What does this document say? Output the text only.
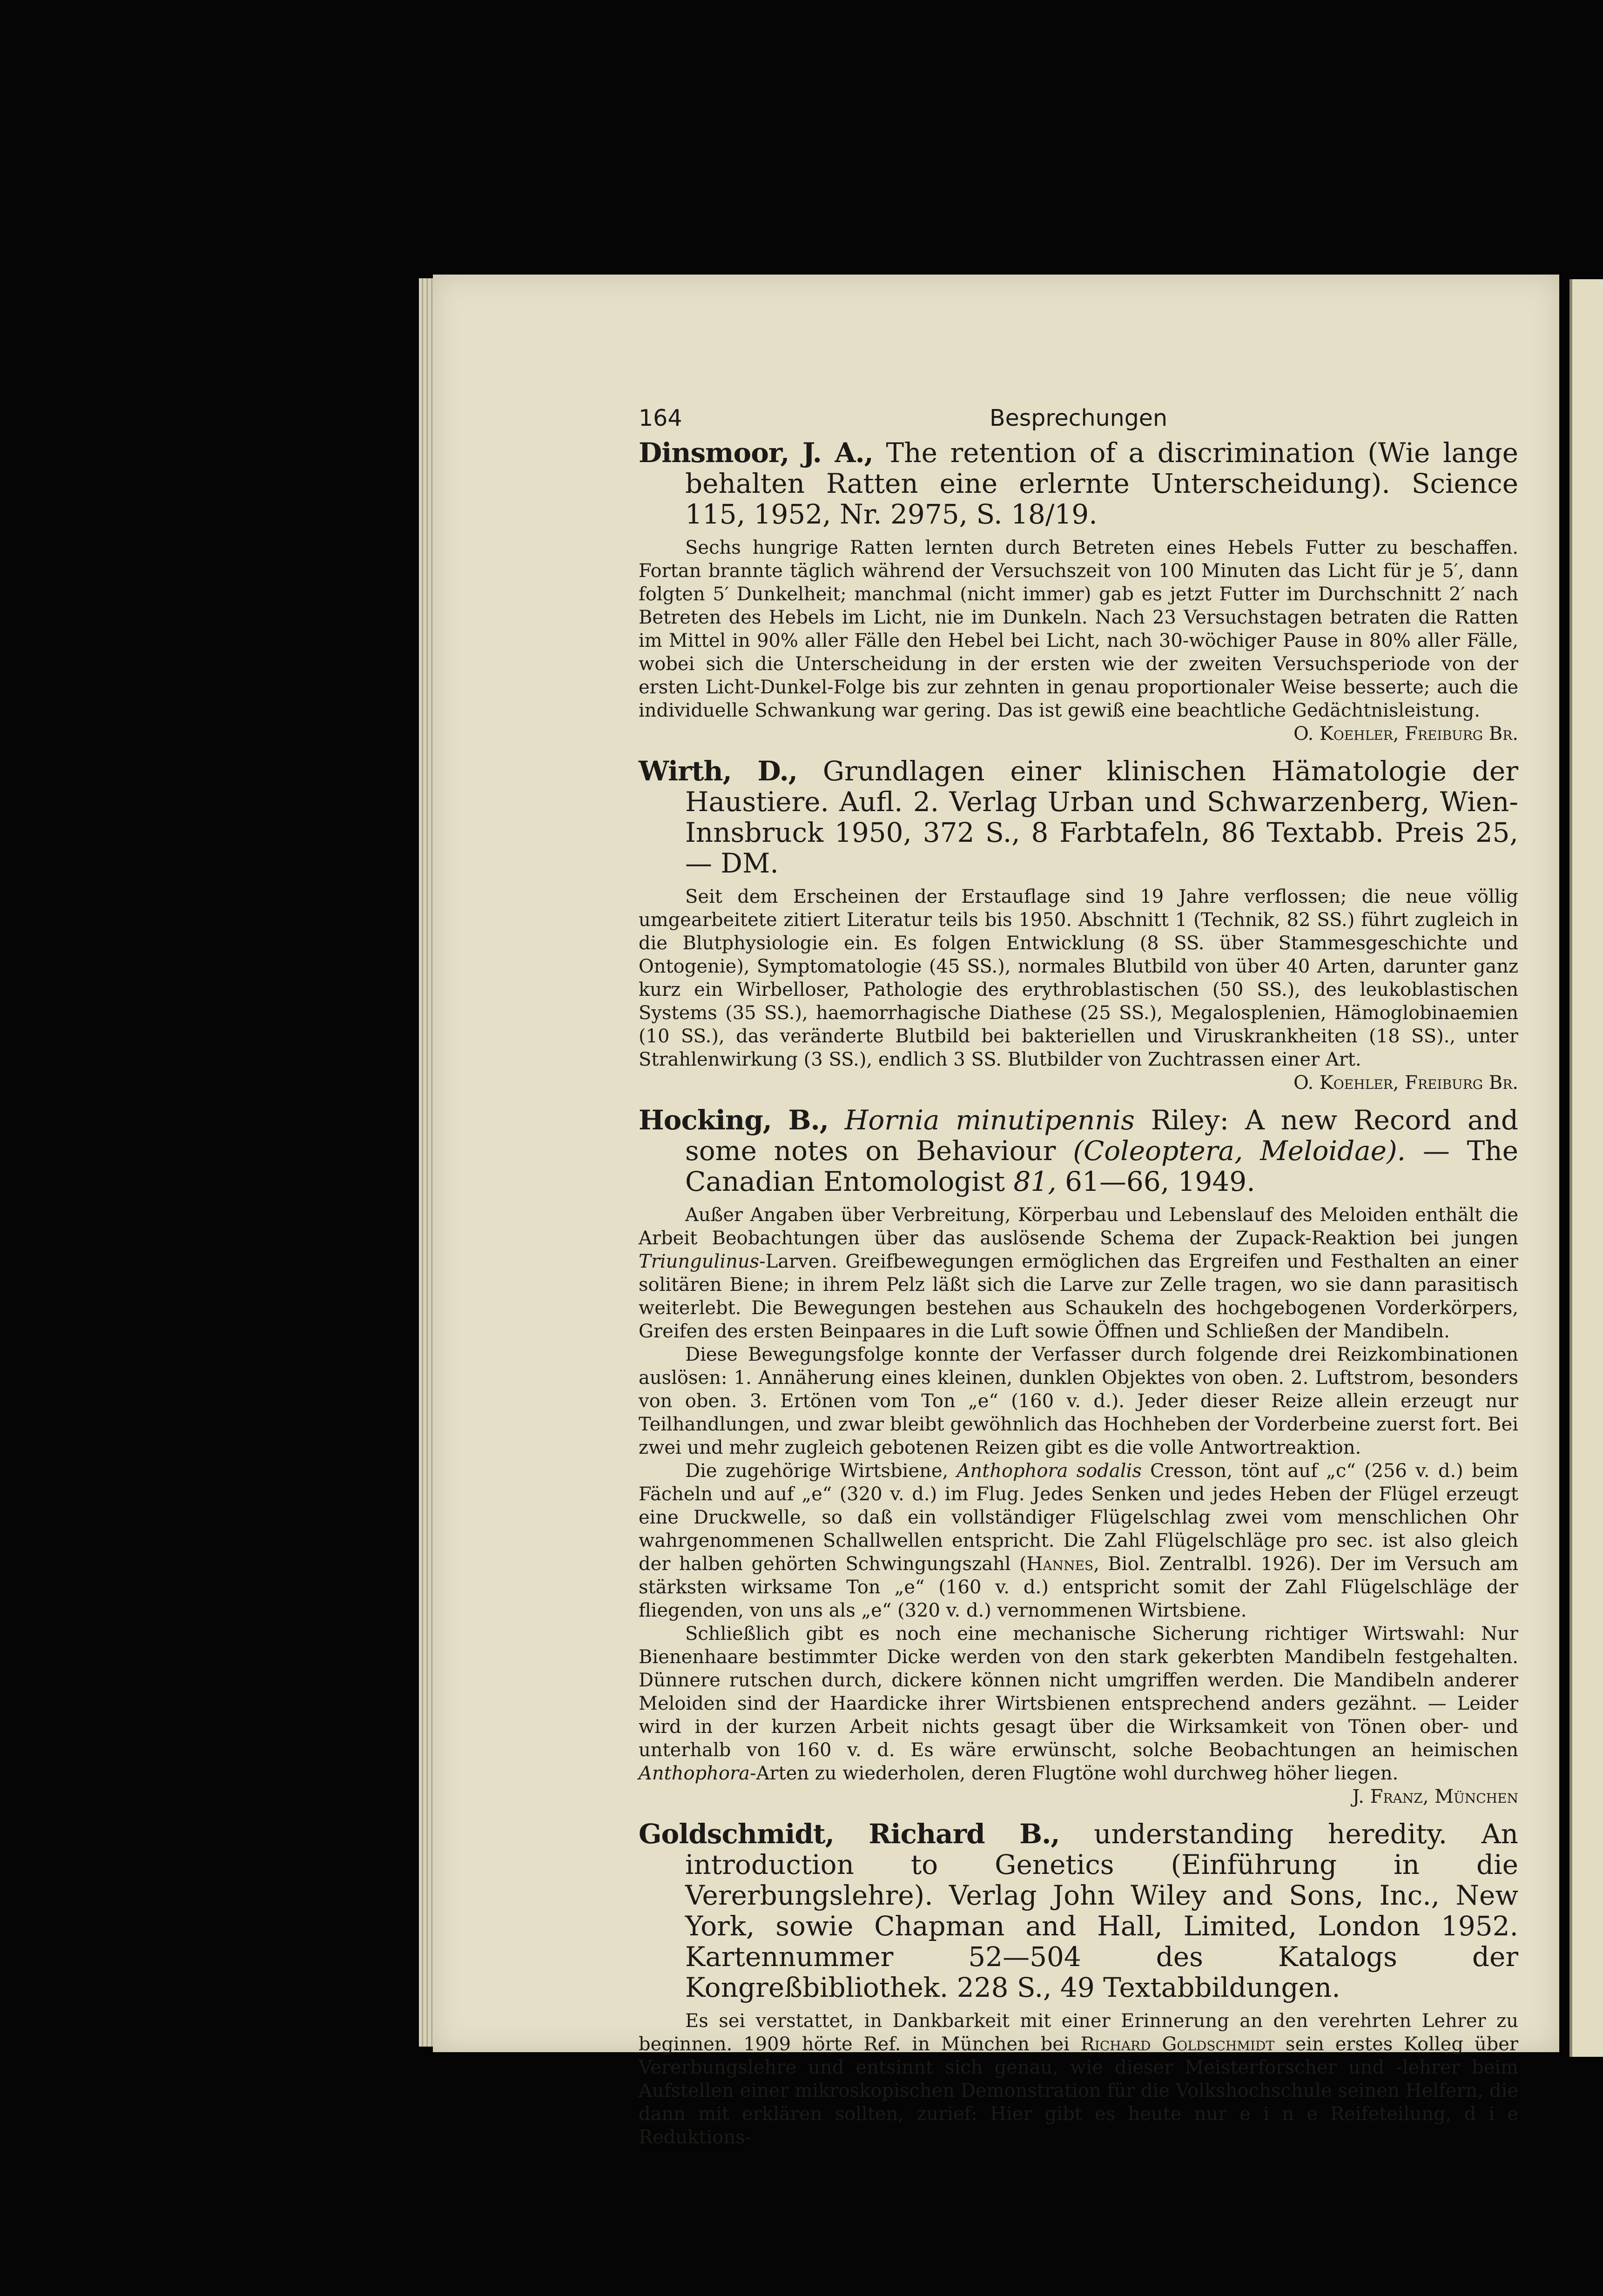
164	Besprechungen
Dinsmoor, J. A., The retention of a discrimination (Wie lange behalten Ratten eine erlernte Unterscheidung). Science 115, 1952, Nr. 2975, S. 18/19.

Sechs hungrige Ratten lernten durch Betreten eines Hebels Futter zu beschaffen. Fortan brannte täglich während der Versuchszeit von 100 Minuten das Licht für je 5′, dann folgten 5′ Dunkelheit; manchmal (nicht immer) gab es jetzt Futter im Durchschnitt 2′ nach Betreten des Hebels im Licht, nie im Dunkeln. Nach 23 Versuchstagen betraten die Ratten im Mittel in 90% aller Fälle den Hebel bei Licht, nach 30-wöchiger Pause in 80% aller Fälle, wobei sich die Unterscheidung in der ersten wie der zweiten Versuchsperiode von der ersten Licht-Dunkel-Folge bis zur zehnten in genau proportionaler Weise besserte; auch die individuelle Schwankung war gering. Das ist gewiß eine beachtliche Gedächtnisleistung.

O. Koehler, Freiburg Br.
Wirth, D., Grundlagen einer klinischen Hämatologie der Haustiere. Aufl. 2. Verlag Urban und Schwarzenberg, Wien-Innsbruck 1950, 372 S., 8 Farbtafeln, 86 Textabb. Preis 25,— DM.

Seit dem Erscheinen der Erstauflage sind 19 Jahre verflossen; die neue völlig umgearbeitete zitiert Literatur teils bis 1950. Abschnitt 1 (Technik, 82 SS.) führt zugleich in die Blutphysiologie ein. Es folgen Entwicklung (8 SS. über Stammesgeschichte und Ontogenie), Symptomatologie (45 SS.), normales Blutbild von über 40 Arten, darunter ganz kurz ein Wirbelloser, Pathologie des erythroblastischen (50 SS.), des leukoblastischen Systems (35 SS.), haemorrhagische Diathese (25 SS.), Megalosplenien, Hämoglobinaemien (10 SS.), das veränderte Blutbild bei bakteriellen und Viruskrankheiten (18 SS)., unter Strahlenwirkung (3 SS.), endlich 3 SS. Blutbilder von Zuchtrassen einer Art.

O. Koehler, Freiburg Br.
Hocking, B., Hornia minutipennis Riley: A new Record and some notes on Behaviour (Coleoptera, Meloidae). — The Canadian Entomologist 81, 61—66, 1949.

Außer Angaben über Verbreitung, Körperbau und Lebenslauf des Meloiden enthält die Arbeit Beobachtungen über das auslösende Schema der Zupack-Reaktion bei jungen Triungulinus-Larven. Greifbewegungen ermöglichen das Ergreifen und Festhalten an einer solitären Biene; in ihrem Pelz läßt sich die Larve zur Zelle tragen, wo sie dann parasitisch weiterlebt. Die Bewegungen bestehen aus Schaukeln des hochgebogenen Vorderkörpers, Greifen des ersten Beinpaares in die Luft sowie Öffnen und Schließen der Mandibeln.

Diese Bewegungsfolge konnte der Verfasser durch folgende drei Reizkombinationen auslösen: 1. Annäherung eines kleinen, dunklen Objektes von oben. 2. Luftstrom, besonders von oben. 3. Ertönen vom Ton „e“ (160 v. d.). Jeder dieser Reize allein erzeugt nur Teilhandlungen, und zwar bleibt gewöhnlich das Hochheben der Vorderbeine zuerst fort. Bei zwei und mehr zugleich gebotenen Reizen gibt es die volle Antwortreaktion.

Die zugehörige Wirtsbiene, Anthophora sodalis Cresson, tönt auf „c“ (256 v. d.) beim Fächeln und auf „e“ (320 v. d.) im Flug. Jedes Senken und jedes Heben der Flügel erzeugt eine Druckwelle, so daß ein vollständiger Flügelschlag zwei vom menschlichen Ohr wahrgenommenen Schallwellen entspricht. Die Zahl Flügelschläge pro sec. ist also gleich der halben gehörten Schwingungszahl (Hannes, Biol. Zentralbl. 1926). Der im Versuch am stärksten wirksame Ton „e“ (160 v. d.) entspricht somit der Zahl Flügelschläge der fliegenden, von uns als „e“ (320 v. d.) vernommenen Wirtsbiene.

Schließlich gibt es noch eine mechanische Sicherung richtiger Wirtswahl: Nur Bienenhaare bestimmter Dicke werden von den stark gekerbten Mandibeln festgehalten. Dünnere rutschen durch, dickere können nicht umgriffen werden. Die Mandibeln anderer Meloiden sind der Haardicke ihrer Wirtsbienen entsprechend anders gezähnt. — Leider wird in der kurzen Arbeit nichts gesagt über die Wirksamkeit von Tönen ober- und unterhalb von 160 v. d. Es wäre erwünscht, solche Beobachtungen an heimischen Anthophora-Arten zu wiederholen, deren Flugtöne wohl durchweg höher liegen.

J. Franz, München
Goldschmidt, Richard B., understanding heredity. An introduction to Genetics (Einführung in die Vererbungslehre). Verlag John Wiley and Sons, Inc., New York, sowie Chapman and Hall, Limited, London 1952. Kartennummer 52—504 des Katalogs der Kongreßbibliothek. 228 S., 49 Textabbildungen.

Es sei verstattet, in Dankbarkeit mit einer Erinnerung an den verehrten Lehrer zu beginnen. 1909 hörte Ref. in München bei Richard Goldschmidt sein erstes Kolleg über Vererbungslehre und entsinnt sich genau, wie dieser Meisterforscher und -lehrer beim Aufstellen einer mikroskopischen Demonstration für die Volkshochschule seinen Helfern, die dann mit erklären sollten, zurief: Hier gibt es heute nur e i n e Reifeteilung, d i e Reduktions-
